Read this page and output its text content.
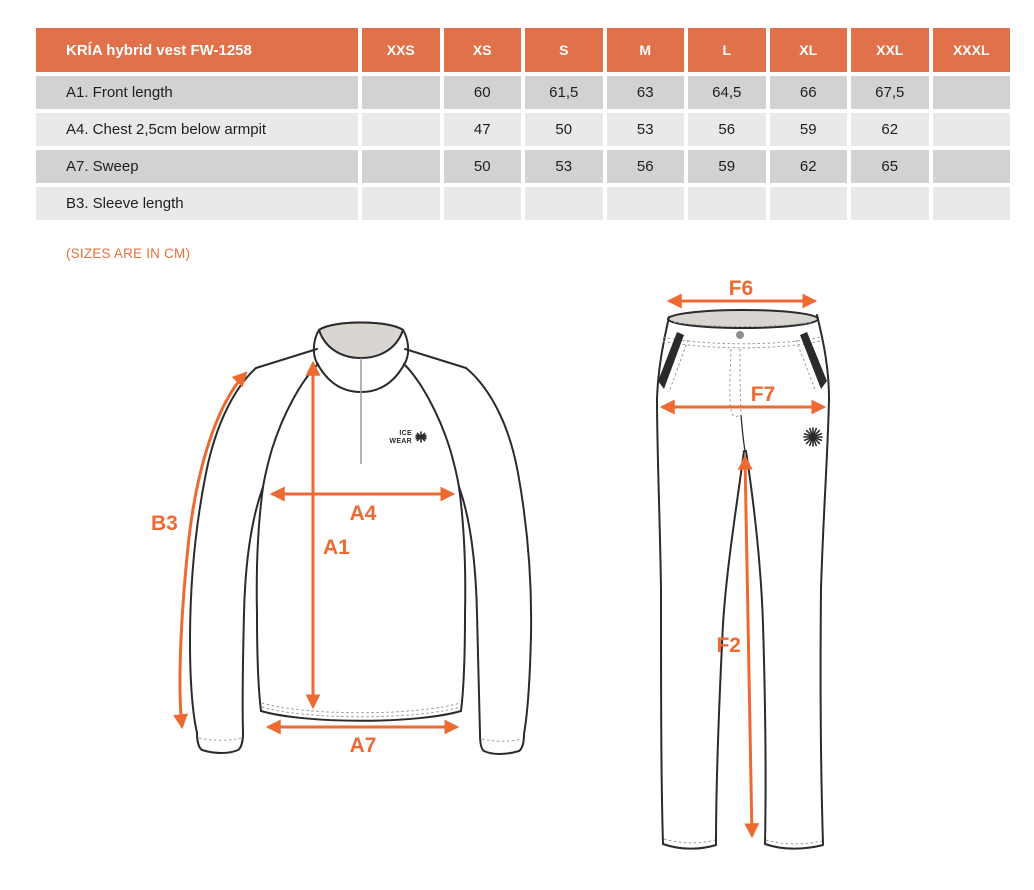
KRÍA hybrid vest FW-1258	XXS	XS	S	M	L	XL	XXL	XXXL
A1. Front length		60	61,5	63	64,5	66	67,5	
A4. Chest 2,5cm below armpit		47	50	53	56	59	62	
A7. Sweep		50	53	56	59	62	65	
B3. Sleeve length								
(SIZES ARE IN CM)
ICE
WEAR
B3
A1
A4
A7
F6
F7
F2
